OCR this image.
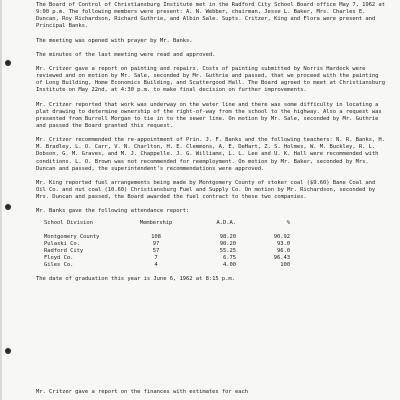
The Board of Control of Christiansburg Institute met in the Radford City School Board office May 7, 1962 at 9:00 p.m. The following members were present: A. N. Webber, chairman, Jesse L. Baker, Mrs. Charles E. Duncan, Roy Richardson, Richard Guthrie, and Albin Sale. Supts. Critzer, King and Flora were present and Principal Banks.

The meeting was opened with prayer by Mr. Banks.

The minutes of the last meeting were read and approved.

Mr. Critzer gave a report on painting and repairs. Costs of painting submitted by Norris Hardock were reviewed and on motion by Mr. Sale, seconded by Mr. Guthrie and passed, that we proceed with the painting of Long Building, Home Economics Building, and Scattergood Hall. The Board agreed to meet at Christiansburg Institute on May 22nd, at 4:30 p.m. to make final decision on further improvements.

Mr. Critzer reported that work was underway on the water line and there was some difficulty in locating a plat drawing to determine ownership of the right-of-way from the school to the highway. Also a request was presented from Burrell Morgan to tie in to the sewer line. On motion by Mr. Sale, seconded by Mr. Guthrie and passed the Board granted this request.

Mr. Critzer recommended the re-appointment of Prin. J. F. Banks and the following teachers: N. R. Banks, H. M. Bradley, L. O. Carr, V. N. Charlton, H. E. Clemmons, A. E. DeHart, Z. S. Holmes, W. M. Buckley, R. L. Dobson, G. M. Graves, and M. J. Chappelle. J. G. Williams, L. L. Lee and U. K. Hall were recommended with conditions. L. O. Brown was not recommended for reemployment. On motion by Mr. Baker, seconded by Mrs. Duncan and passed, the superintendent's recommendations were approved.

Mr. King reported fuel arrangements being made by Montgomery County of stoker coal ($9.60) Bane Coal and Oil Co. and nut coal (10.60) Christiansburg Fuel and Supply Co. On motion by Mr. Richardson, seconded by Mrs. Duncan and passed, the Board awarded the fuel contract to these two companies.

Mr. Banks gave the following attendance report:

School Division	Membership	A.D.A.	%
Montgomery County	108	98.20	90.92
Pulaski Co.	97	90.20	93.0
Radford City	57	55.25	96.0
Floyd Co.	7	6.75	96.43
Giles Co.	4	4.00	100

The date of graduation this year is June 6, 1962 at 8:15 p.m.

Mr. Critzer gave a report on the finances with estimates for each
